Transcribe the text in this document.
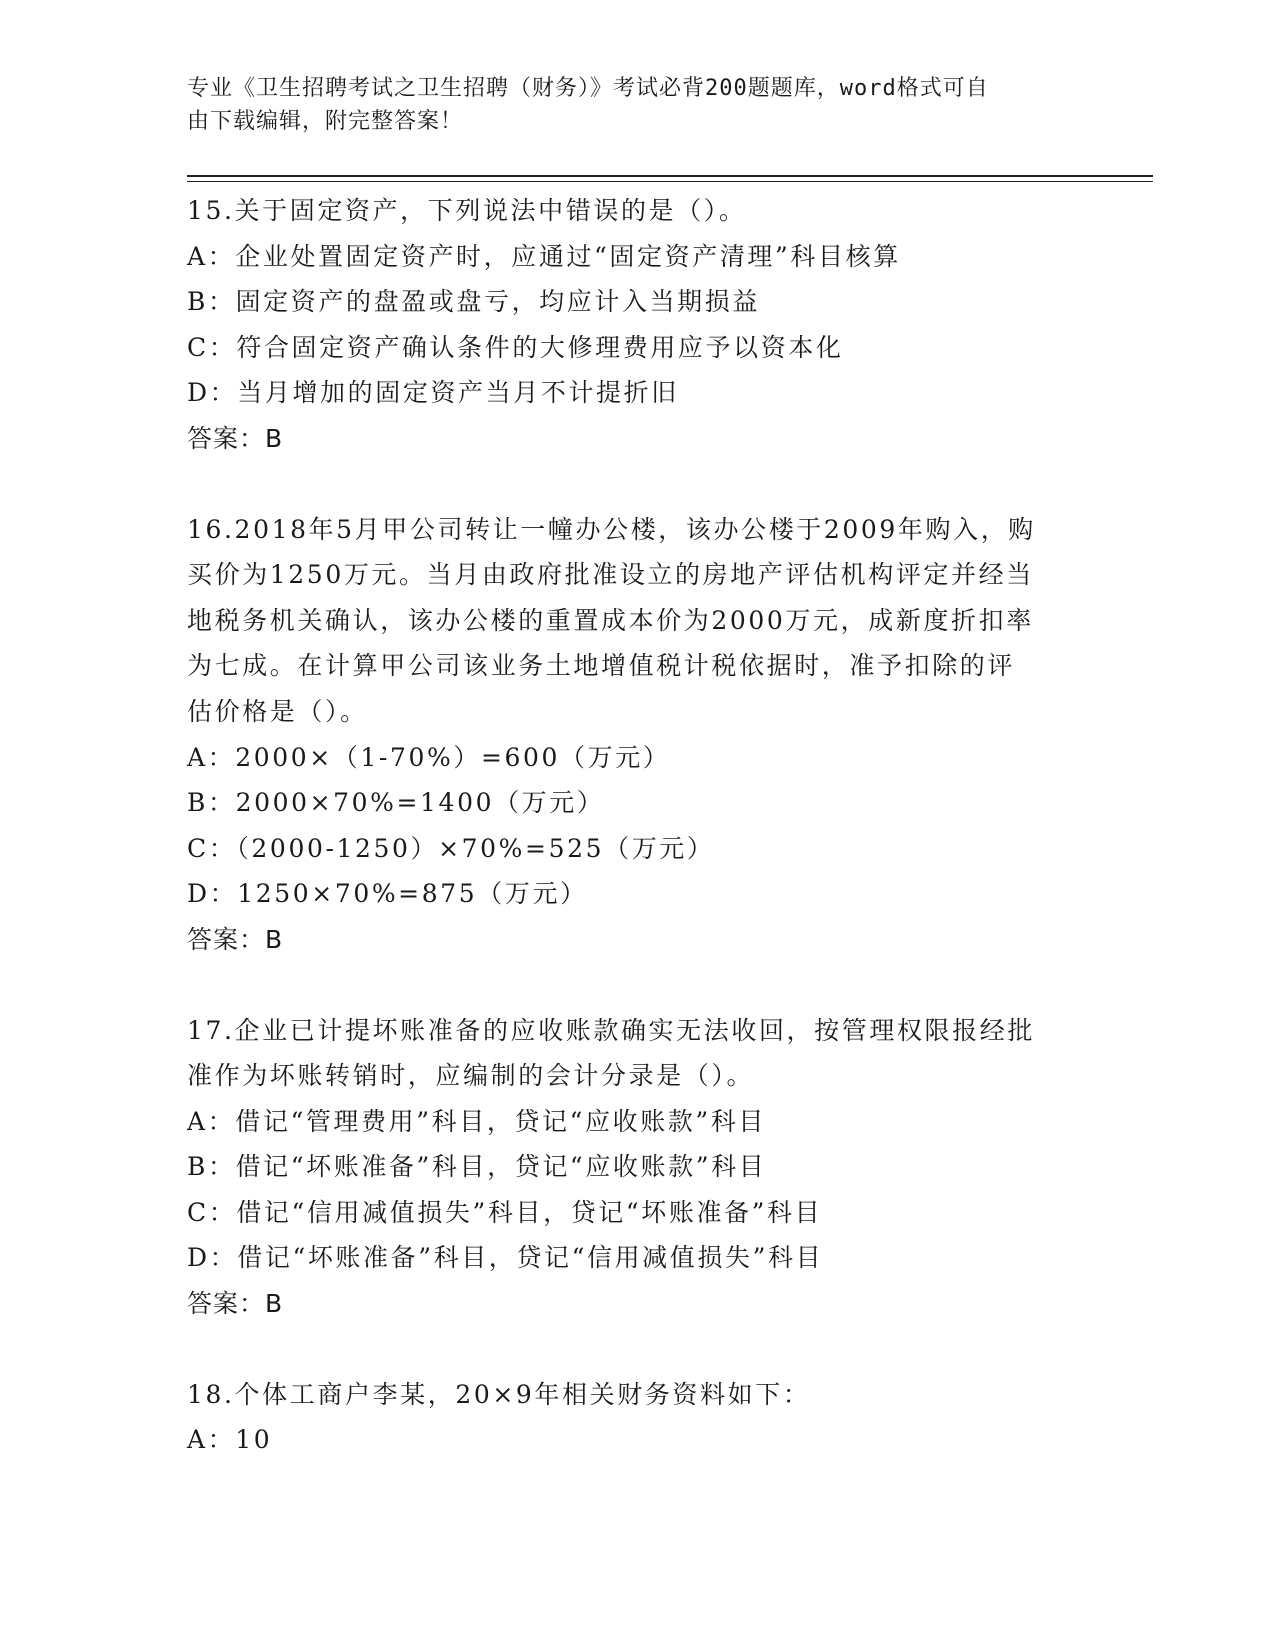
专业《卫生招聘考试之卫生招聘（财务）》考试必背200题题库，word格式可自
由下载编辑，附完整答案！
15.关于固定资产，下列说法中错误的是（）。
A：企业处置固定资产时，应通过“固定资产清理”科目核算
B：固定资产的盘盈或盘亏，均应计入当期损益
C：符合固定资产确认条件的大修理费用应予以资本化
D：当月增加的固定资产当月不计提折旧
答案：B
16.2018年5月甲公司转让一幢办公楼，该办公楼于2009年购入，购
买价为1250万元。当月由政府批准设立的房地产评估机构评定并经当
地税务机关确认，该办公楼的重置成本价为2000万元，成新度折扣率
为七成。在计算甲公司该业务土地增值税计税依据时，准予扣除的评
估价格是（）。
A：2000×（1-70%）=600（万元）
B：2000×70%=1400（万元）
C：（2000-1250）×70%=525（万元）
D：1250×70%=875（万元）
答案：B
17.企业已计提坏账准备的应收账款确实无法收回，按管理权限报经批
准作为坏账转销时，应编制的会计分录是（）。
A：借记“管理费用”科目，贷记“应收账款”科目
B：借记“坏账准备”科目，贷记“应收账款”科目
C：借记“信用减值损失”科目，贷记“坏账准备”科目
D：借记“坏账准备”科目，贷记“信用减值损失”科目
答案：B
18.个体工商户李某，20×9年相关财务资料如下：
A：10
